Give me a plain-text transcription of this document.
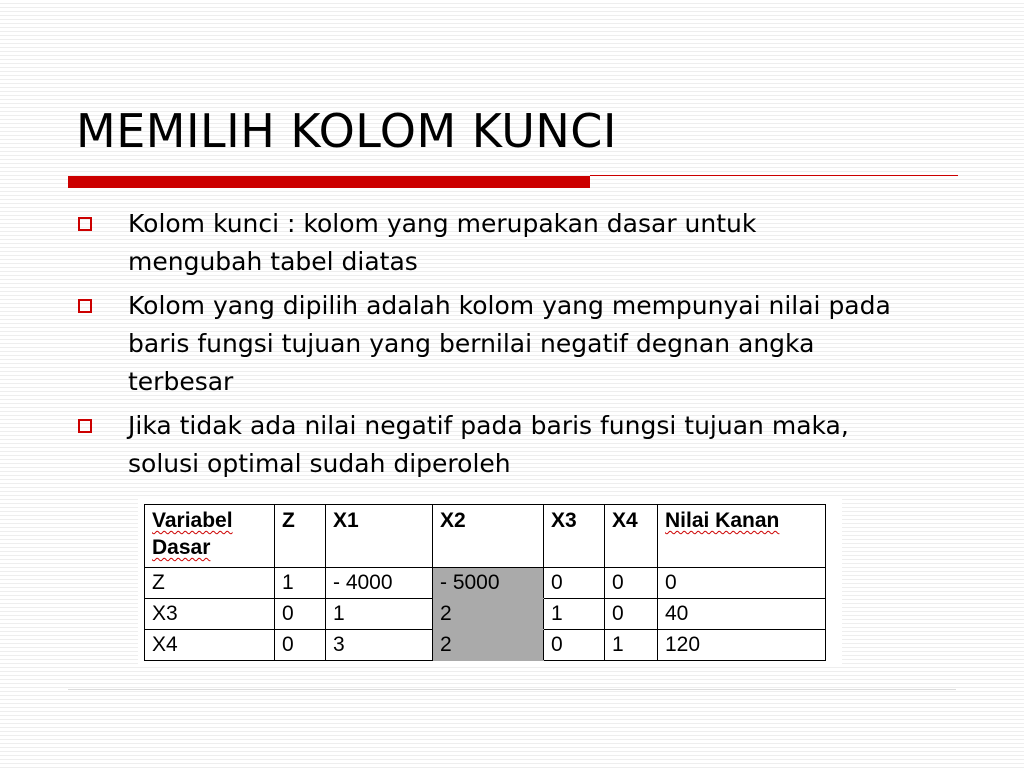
MEMILIH KOLOM KUNCI
Kolom kunci : kolom yang merupakan dasar untuk mengubah tabel diatas
Kolom yang dipilih adalah kolom yang mempunyai nilai pada baris fungsi tujuan yang bernilai negatif degnan angka terbesar
Jika tidak ada nilai negatif pada baris fungsi tujuan maka, solusi optimal sudah diperoleh
Variabel
Dasar	Z	X1	X2	X3	X4	Nilai Kanan
Z	1	- 4000	- 5000	0	0	0
X3	0	1	2	1	0	40
X4	0	3	2	0	1	120
